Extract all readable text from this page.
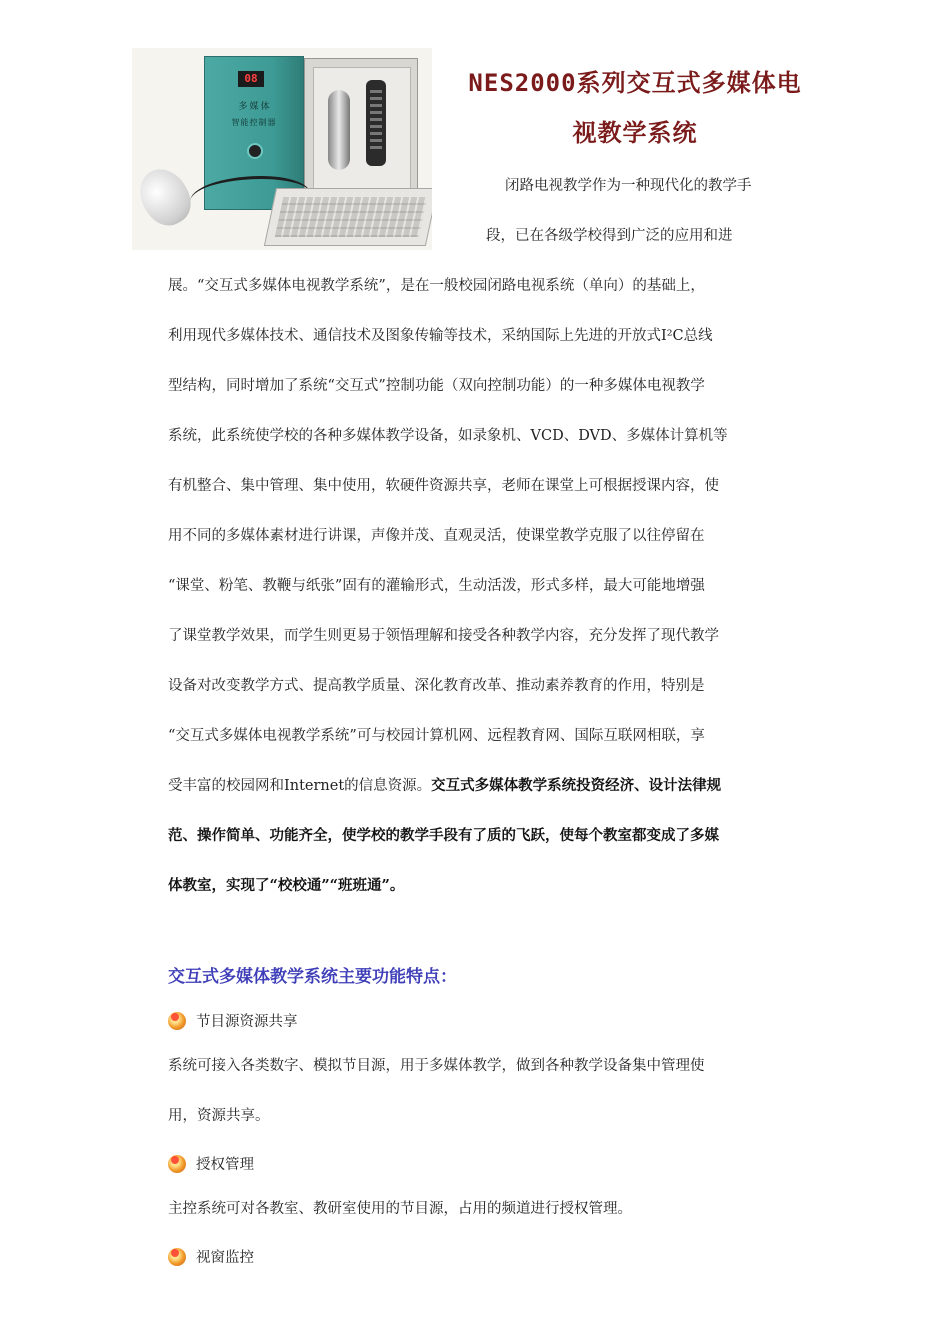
08
多媒体
智能控制器
NES2000系列交互式多媒体电
视教学系统
闭路电视教学作为一种现代化的教学手
段，已在各级学校得到广泛的应用和进
展。“交互式多媒体电视教学系统”，是在一般校园闭路电视系统（单向）的基础上，
利用现代多媒体技术、通信技术及图象传输等技术，采纳国际上先进的开放式I²C总线
型结构，同时增加了系统“交互式”控制功能（双向控制功能）的一种多媒体电视教学
系统，此系统使学校的各种多媒体教学设备，如录象机、VCD、DVD、多媒体计算机等
有机整合、集中管理、集中使用，软硬件资源共享，老师在课堂上可根据授课内容，使
用不同的多媒体素材进行讲课，声像并茂、直观灵活，使课堂教学克服了以往停留在
“课堂、粉笔、教鞭与纸张”固有的灌输形式，生动活泼，形式多样，最大可能地增强
了课堂教学效果，而学生则更易于领悟理解和接受各种教学内容，充分发挥了现代教学
设备对改变教学方式、提高教学质量、深化教育改革、推动素养教育的作用，特别是
“交互式多媒体电视教学系统”可与校园计算机网、远程教育网、国际互联网相联，享
受丰富的校园网和Internet的信息资源。交互式多媒体教学系统投资经济、设计法律规
范、操作简单、功能齐全，使学校的教学手段有了质的飞跃，使每个教室都变成了多媒
体教室，实现了“校校通”“班班通”。
交互式多媒体教学系统主要功能特点：
节目源资源共享
系统可接入各类数字、模拟节目源，用于多媒体教学，做到各种教学设备集中管理使
用，资源共享。
授权管理
主控系统可对各教室、教研室使用的节目源，占用的频道进行授权管理。
视窗监控
